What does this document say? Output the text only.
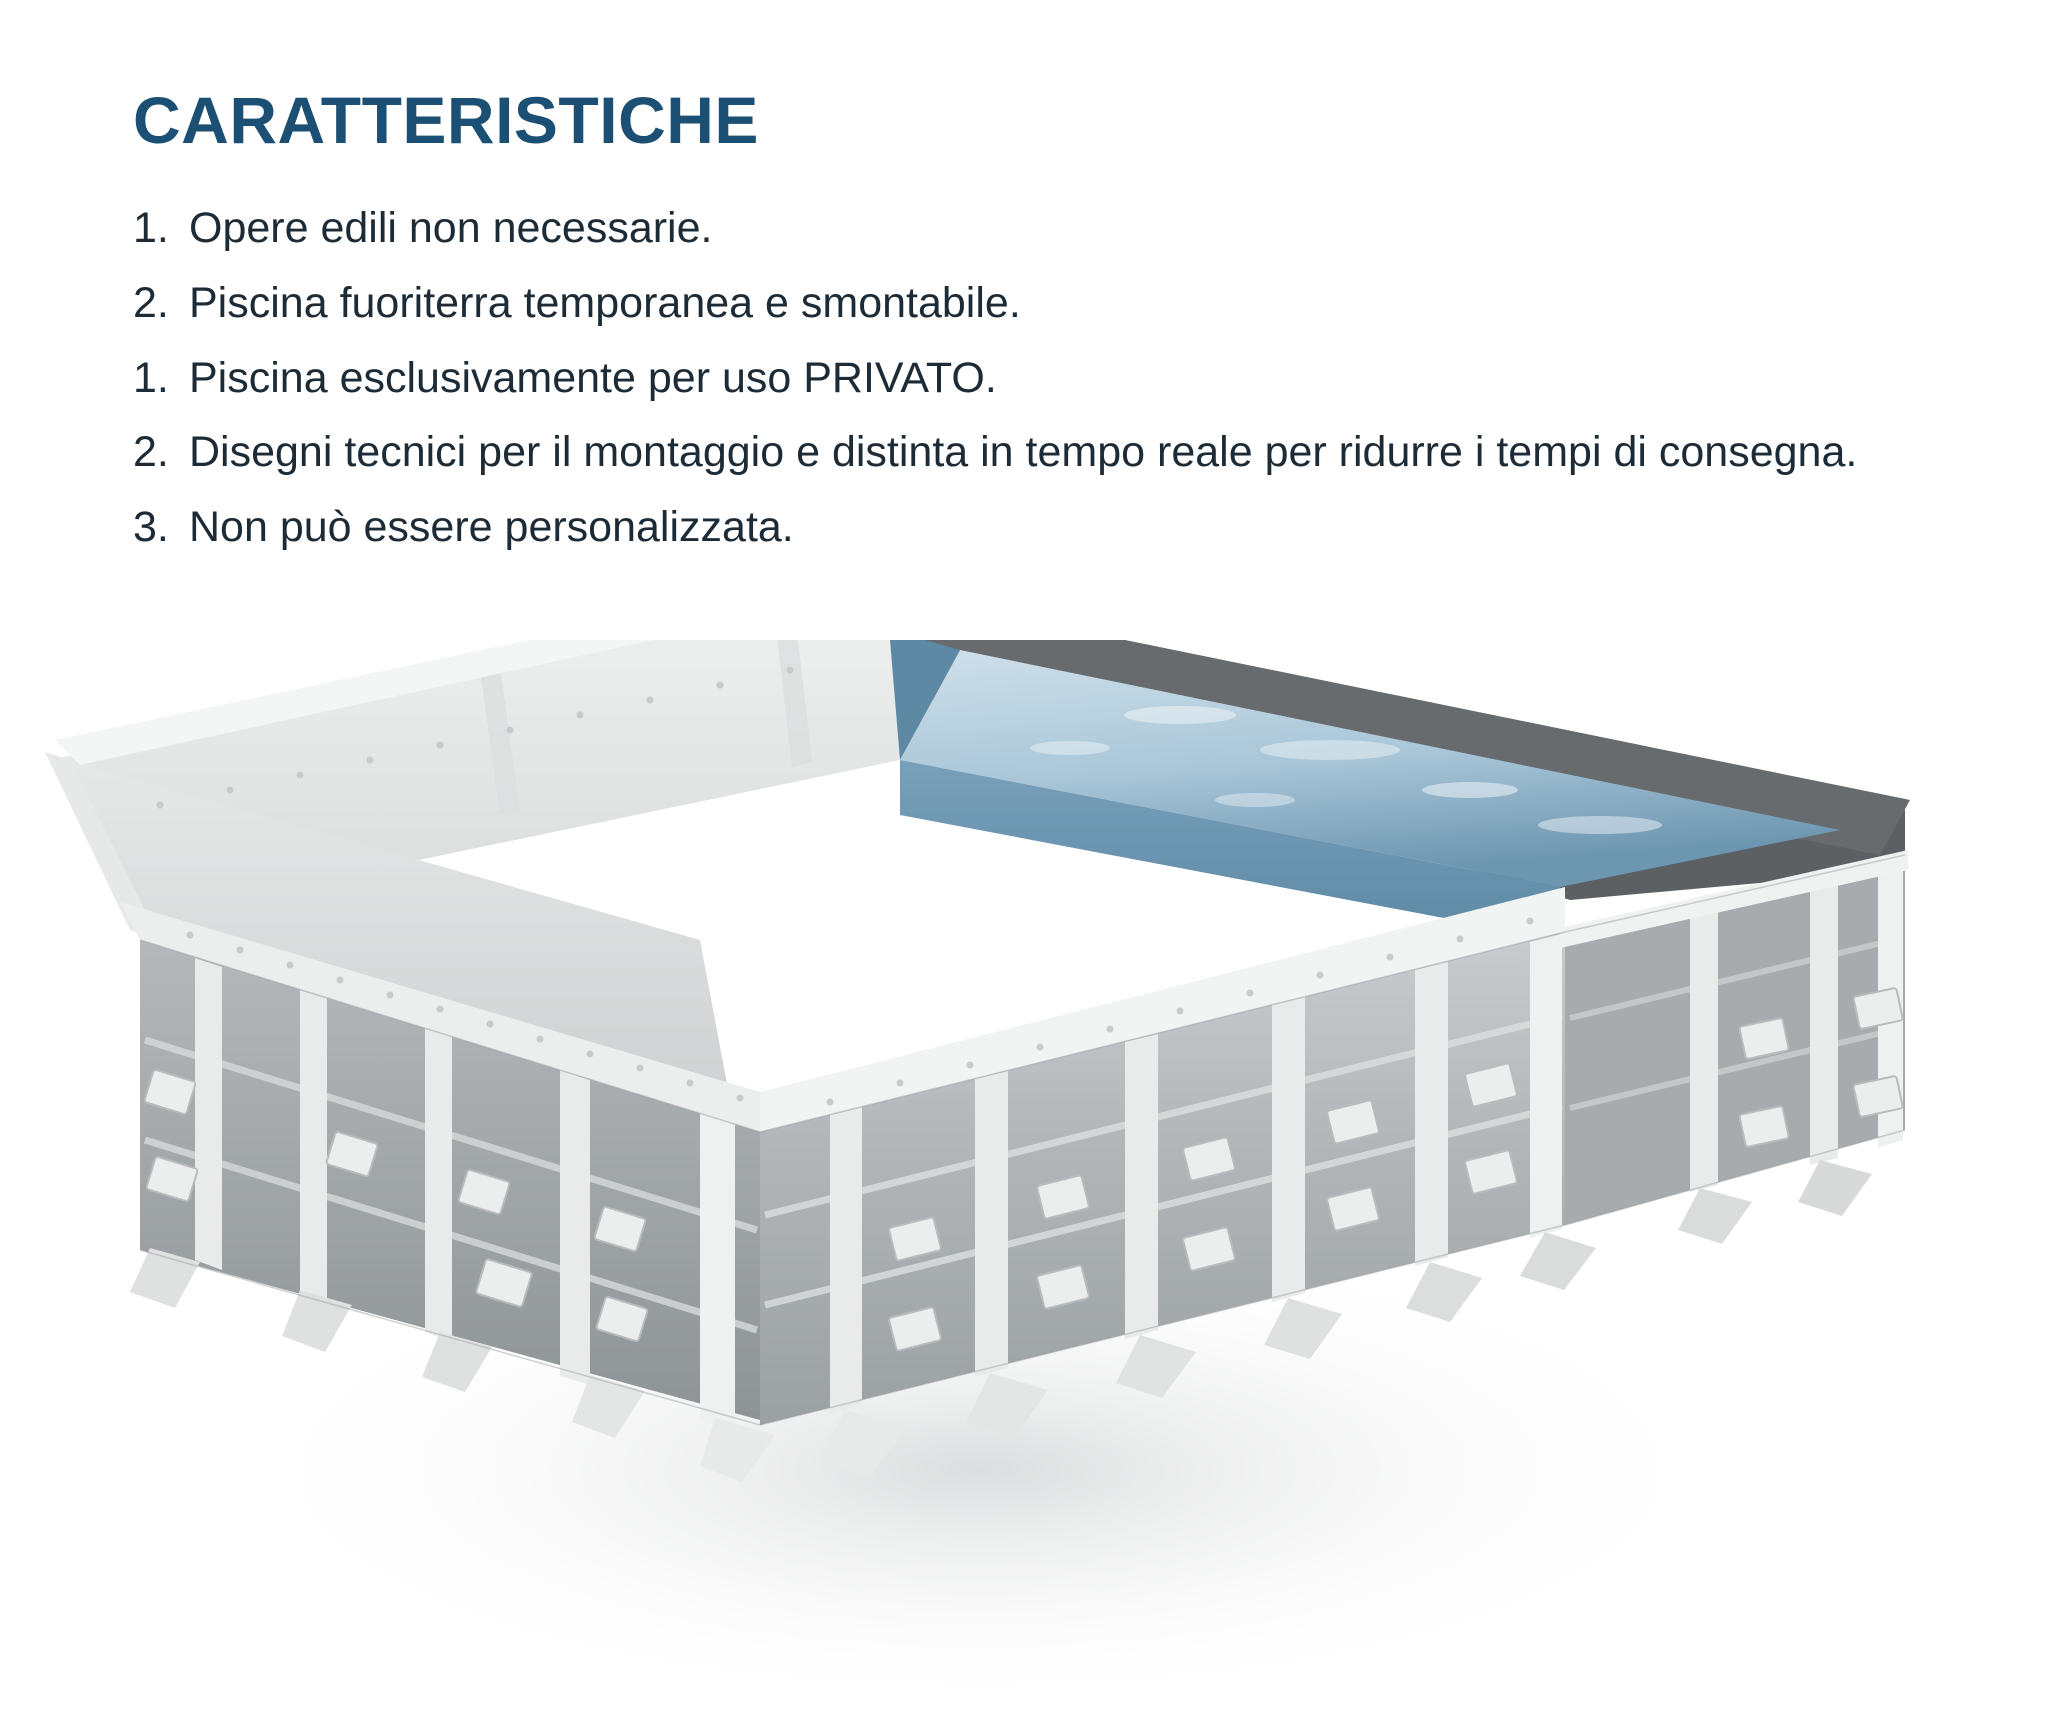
CARATTERISTICHE
1. Opere edili non necessarie.
2. Piscina fuoriterra temporanea e smontabile.
1. Piscina esclusivamente per uso PRIVATO.
2. Disegni tecnici per il montaggio e distinta in tempo reale per ridurre i tempi di consegna.
3. Non può essere personalizzata.
